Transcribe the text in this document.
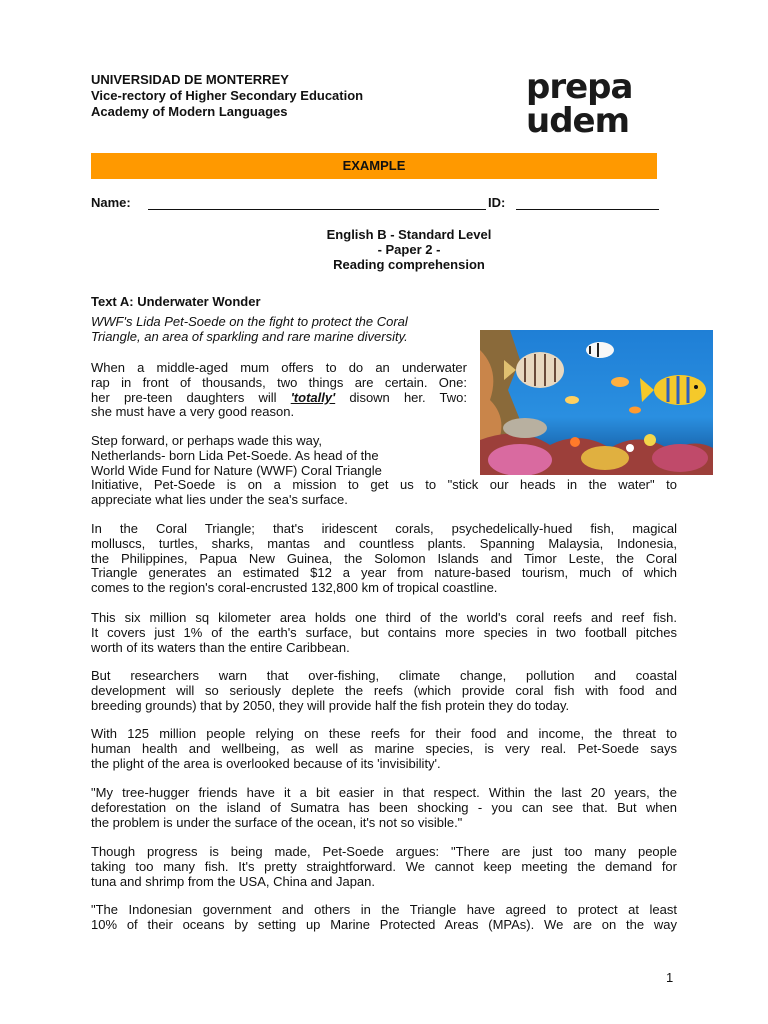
UNIVERSIDAD DE MONTERREY
Vice-rectory of Higher Secondary Education
Academy of Modern Languages
prepa
udem
EXAMPLE
Name:	ID:
English B - Standard Level
- Paper 2 -
Reading comprehension
Text A: Underwater Wonder
WWF's Lida Pet-Soede on the fight to protect the Coral
Triangle, an area of sparkling and rare marine diversity.
When a middle-aged mum offers to do an underwater
rap in front of thousands, two things are certain. One:
her pre-teen daughters will 'totally' disown her. Two:
she must have a very good reason.
Step forward, or perhaps wade this way,
Netherlands- born Lida Pet-Soede. As head of the
World Wide Fund for Nature (WWF) Coral Triangle
Initiative, Pet-Soede is on a mission to get us to "stick our heads in the water" to
appreciate what lies under the sea's surface.
In the Coral Triangle; that's iridescent corals, psychedelically-hued fish, magical
molluscs, turtles, sharks, mantas and countless plants. Spanning Malaysia, Indonesia,
the Philippines, Papua New Guinea, the Solomon Islands and Timor Leste, the Coral
Triangle generates an estimated $12 a year from nature-based tourism, much of which
comes to the region's coral-encrusted 132,800 km of tropical coastline.
This six million sq kilometer area holds one third of the world's coral reefs and reef fish.
It covers just 1% of the earth's surface, but contains more species in two football pitches
worth of its waters than the entire Caribbean.
But researchers warn that over-fishing, climate change, pollution and coastal
development will so seriously deplete the reefs (which provide coral fish with food and
breeding grounds) that by 2050, they will provide half the fish protein they do today.
With 125 million people relying on these reefs for their food and income, the threat to
human health and wellbeing, as well as marine species, is very real. Pet-Soede says
the plight of the area is overlooked because of its 'invisibility'.
"My tree-hugger friends have it a bit easier in that respect. Within the last 20 years, the
deforestation on the island of Sumatra has been shocking - you can see that. But when
the problem is under the surface of the ocean, it's not so visible."
Though progress is being made, Pet-Soede argues: "There are just too many people
taking too many fish. It's pretty straightforward. We cannot keep meeting the demand for
tuna and shrimp from the USA, China and Japan.
"The Indonesian government and others in the Triangle have agreed to protect at least
10% of their oceans by setting up Marine Protected Areas (MPAs). We are on the way
1
